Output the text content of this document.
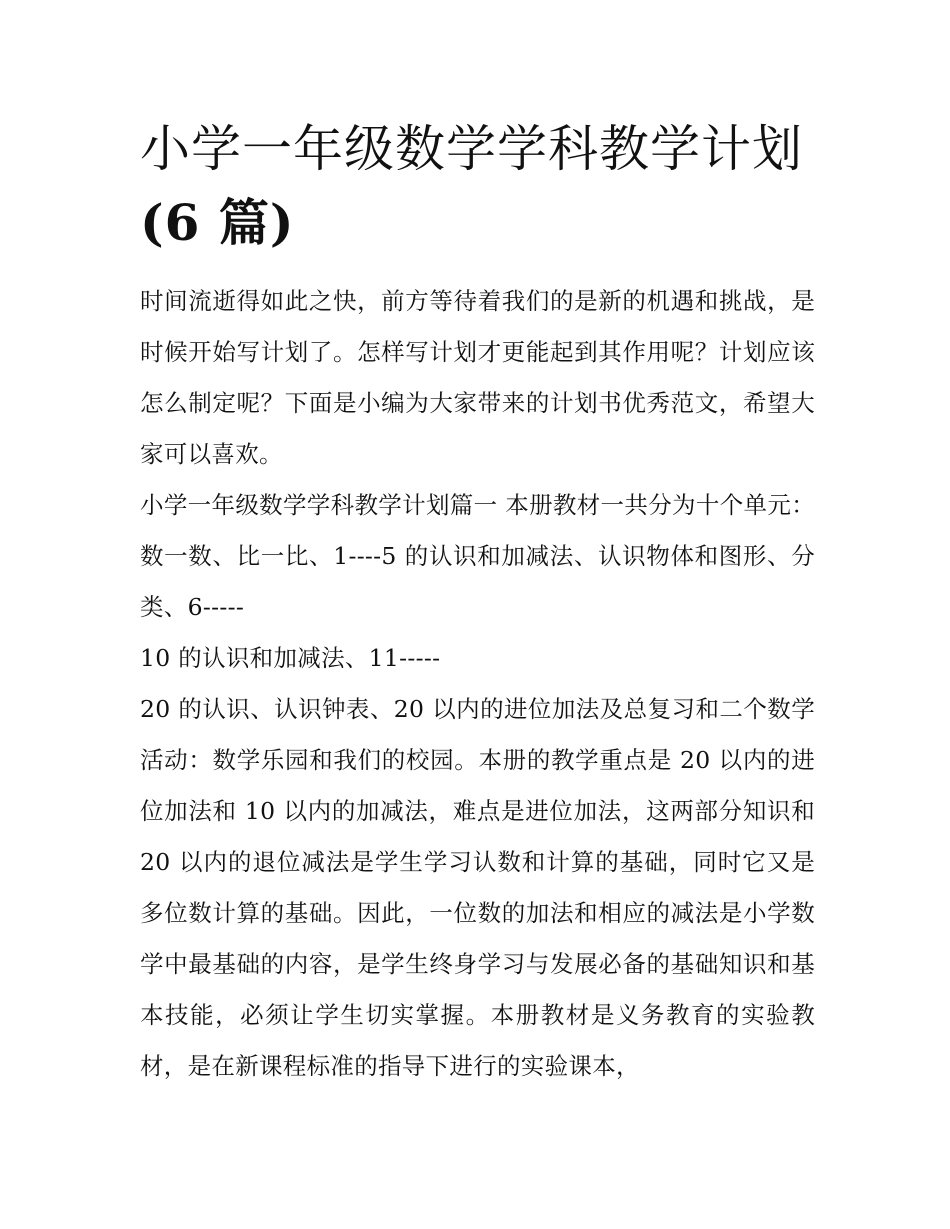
小学一年级数学学科教学计划
(6 篇)

时间流逝得如此之快，前方等待着我们的是新的机遇和挑战，是时候开始写计划了。怎样写计划才更能起到其作用呢？计划应该怎么制定呢？下面是小编为大家带来的计划书优秀范文，希望大家可以喜欢。

小学一年级数学学科教学计划篇一 本册教材一共分为十个单元：数一数、比一比、1----5 的认识和加减法、认识物体和图形、分类、6-----

10 的认识和加减法、11-----

20 的认识、认识钟表、20 以内的进位加法及总复习和二个数学活动：数学乐园和我们的校园。本册的教学重点是 20 以内的进位加法和 10 以内的加减法，难点是进位加法，这两部分知识和 20 以内的退位减法是学生学习认数和计算的基础，同时它又是多位数计算的基础。因此，一位数的加法和相应的减法是小学数学中最基础的内容，是学生终身学习与发展必备的基础知识和基本技能，必须让学生切实掌握。本册教材是义务教育的实验教材，是在新课程标准的指导下进行的实验课本，
